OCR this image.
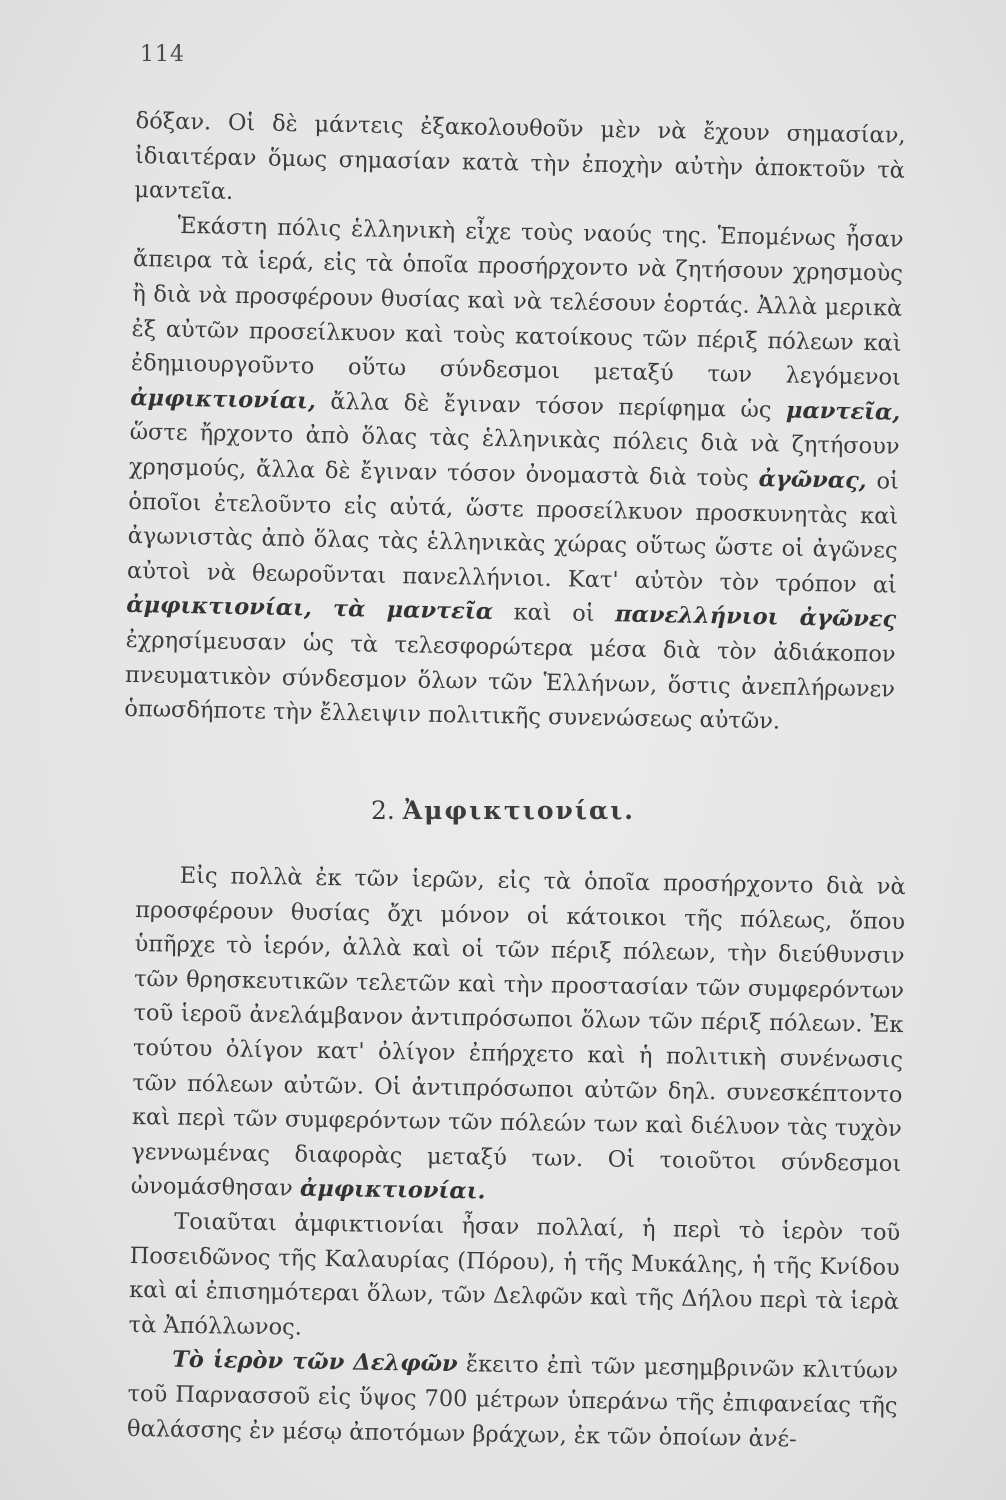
114

δόξαν. Οἱ δὲ μάντεις ἐξακολουθοῦν μὲν νὰ ἔχουν σημασίαν, ἰδιαιτέραν ὅμως σημασίαν κατὰ τὴν ἐποχὴν αὐτὴν ἀποκτοῦν τὰ μαντεῖα.

Ἑκάστη πόλις ἑλληνικὴ εἶχε τοὺς ναούς της. Ἑπομένως ἦσαν ἄπειρα τὰ ἱερά, εἰς τὰ ὁποῖα προσήρχοντο νὰ ζητήσουν χρησμοὺς ἢ διὰ νὰ προσφέρουν θυσίας καὶ νὰ τελέσουν ἑορτάς. Ἀλλὰ μερικὰ ἐξ αὐτῶν προσείλκυον καὶ τοὺς κατοίκους τῶν πέριξ πόλεων καὶ ἐδημιουργοῦντο οὕτω σύνδεσμοι μεταξύ των λεγόμενοι ἀμφικτιονίαι, ἄλλα δὲ ἔγιναν τόσον περίφημα ὡς μαντεῖα, ὥστε ἤρχοντο ἀπὸ ὅλας τὰς ἑλληνικὰς πόλεις διὰ νὰ ζητήσουν χρησμούς, ἄλλα δὲ ἔγιναν τόσον ὀνομαστὰ διὰ τοὺς ἀγῶνας, οἱ ὁποῖοι ἐτελοῦντο εἰς αὐτά, ὥστε προσείλκυον προσκυνητὰς καὶ ἀγωνιστὰς ἀπὸ ὅλας τὰς ἑλληνικὰς χώρας οὕτως ὥστε οἱ ἀγῶνες αὐτοὶ νὰ θεωροῦνται πανελλήνιοι. Κατ' αὐτὸν τὸν τρόπον αἱ ἀμφικτιονίαι, τὰ μαντεῖα καὶ οἱ πανελλήνιοι ἀγῶνες ἐχρησίμευσαν ὡς τὰ τελεσφορώτερα μέσα διὰ τὸν ἀδιάκοπον πνευματικὸν σύνδεσμον ὅλων τῶν Ἑλλήνων, ὅστις ἀνεπλήρωνεν ὁπωσδήποτε τὴν ἔλλειψιν πολιτικῆς συνενώσεως αὐτῶν.

2. Ἀμφικτιονίαι.

Εἰς πολλὰ ἐκ τῶν ἱερῶν, εἰς τὰ ὁποῖα προσήρχοντο διὰ νὰ προσφέρουν θυσίας ὄχι μόνον οἱ κάτοικοι τῆς πόλεως, ὅπου ὑπῆρχε τὸ ἱερόν, ἀλλὰ καὶ οἱ τῶν πέριξ πόλεων, τὴν διεύθυνσιν τῶν θρησκευτικῶν τελετῶν καὶ τὴν προστασίαν τῶν συμφερόντων τοῦ ἱεροῦ ἀνελάμβανον ἀντιπρόσωποι ὅλων τῶν πέριξ πόλεων. Ἐκ τούτου ὀλίγον κατ' ὀλίγον ἐπήρχετο καὶ ἡ πολιτικὴ συνένωσις τῶν πόλεων αὐτῶν. Οἱ ἀντιπρόσωποι αὐτῶν δηλ. συνεσκέπτοντο καὶ περὶ τῶν συμφερόντων τῶν πόλεών των καὶ διέλυον τὰς τυχὸν γεννωμένας διαφορὰς μεταξύ των. Οἱ τοιοῦτοι σύνδεσμοι ὠνομάσθησαν ἀμφικτιονίαι.

Τοιαῦται ἀμφικτιονίαι ἦσαν πολλαί, ἡ περὶ τὸ ἱερὸν τοῦ Ποσειδῶνος τῆς Καλαυρίας (Πόρου), ἡ τῆς Μυκάλης, ἡ τῆς Κνίδου καὶ αἱ ἐπισημότεραι ὅλων, τῶν Δελφῶν καὶ τῆς Δήλου περὶ τὰ ἱερὰ τὰ Ἀπόλλωνος.

Τὸ ἱερὸν τῶν Δελφῶν ἔκειτο ἐπὶ τῶν μεσημβρινῶν κλιτύων τοῦ Παρνασσοῦ εἰς ὕψος 700 μέτρων ὑπεράνω τῆς ἐπιφανείας τῆς θαλάσσης ἐν μέσῳ ἀποτόμων βράχων, ἐκ τῶν ὁποίων ἀνέ-
